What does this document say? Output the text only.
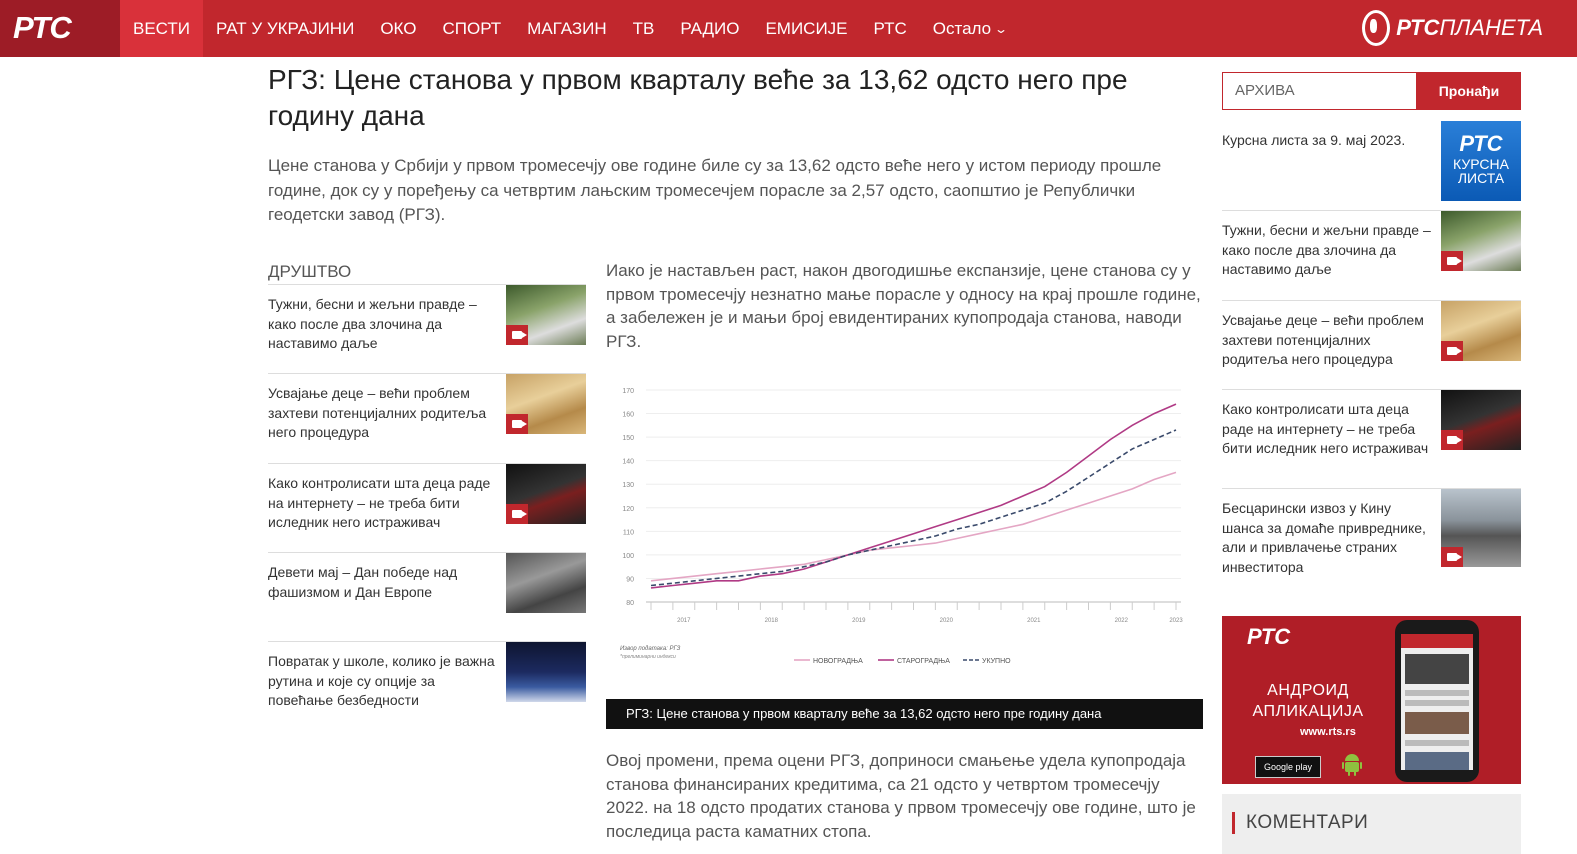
РТС	ВЕСТИ РАТ У УКРАЈИНИ ОКО СПОРТ МАГАЗИН ТВ РАДИО ЕМИСИЈЕ РТС Остало ⌄	РТСПЛАНЕТА
РГЗ: Цене станова у првом кварталу веће за 13,62 одсто него пре годину дана
Цене станова у Србији у првом тромесечју ове године биле су за 13,62 одсто веће него у истом периоду прошле године, док су у поређењу са четвртим лањским тромесечјем порасле за 2,57 одсто, саопштио је Републички геодетски завод (РГЗ).
ДРУШТВО
Тужни, бесни и жељни правде – како после два злочина да наставимо даље
Усвајање деце – већи проблем захтеви потенцијалних родитеља него процедура
Како контролисати шта деца раде на интернету – не треба бити иследник него истраживач
Девети мај – Дан победе над фашизмом и Дан Европе
Повратак у школе, колико је важна рутина и које су опције за повећање безбедности
Иако је настављен раст, након двогодишње експанзије, цене станова су у првом тромесечју незнатно мање порасле у односу на крај прошле године, а забележен је и мањи број евидентираних купопродаја станова, наводи РГЗ.
80
90
100
110
120
130
140
150
160
170
2017	2018	2019	2020	2021	2022	2023
Извор података: РГЗ
*прелиминарни индекси
НОВОГРАДЊА	СТАРОГРАДЊА	УКУПНО
РГЗ: Цене станова у првом кварталу веће за 13,62 одсто него пре годину дана
Овој промени, према оцени РГЗ, доприноси смањење удела купопродаја станова финансираних кредитима, са 21 одсто у четвртом тромесечју 2022. на 18 одсто продатих станова у првом тромесечју ове године, што је последица раста каматних стопа.
АРХИВА	Пронађи
Курсна листа за 9. мај 2023.	РТС
КУРСНА
ЛИСТА
Тужни, бесни и жељни правде – како после два злочина да наставимо даље
Усвајање деце – већи проблем захтеви потенцијалних родитеља него процедура
Како контролисати шта деца раде на интернету – не треба бити иследник него истраживач
Бесцарински извоз у Кину шанса за домаће привреднике, али и привлачење страних инвеститора
РТС
АНДРОИД
АПЛИКАЦИЈА
www.rts.rs
Google play
КОМЕНТАРИ
